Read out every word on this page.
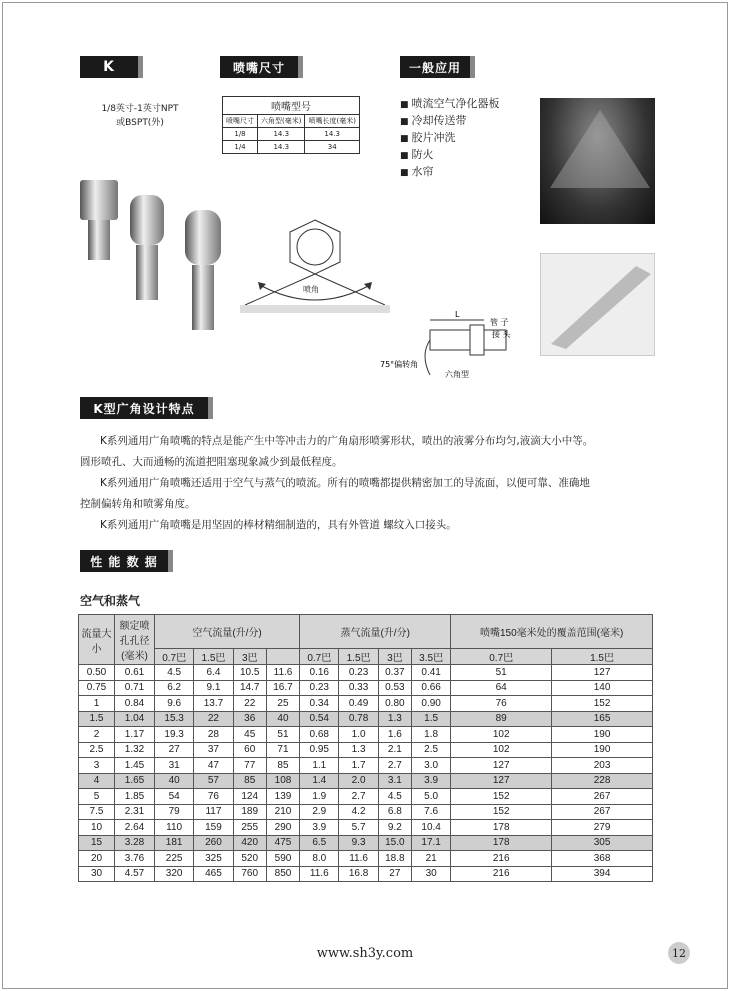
K	喷嘴尺寸	一般应用
1/8英寸-1英寸NPT
或BSPT(外)
喷嘴型号		
喷嘴尺寸	六角型(毫米)	喷嘴长度(毫米)
1/8	14.3	14.3
1/4	14.3	34
喷角
■ 喷流空气净化器板
■ 冷却传送带
■ 胶片冲洗
■ 防火
■ 水帘
L
管 子
接 头
75°偏转角
六角型
K型广角设计特点
K系列通用广角喷嘴的特点是能产生中等冲击力的广角扇形喷雾形状，喷出的液雾分布均匀,液滴大小中等。
圆形喷孔、大而通畅的流道把阻塞现象减少到最低程度。
K系列通用广角喷嘴还适用于空气与蒸气的喷流。所有的喷嘴都提供精密加工的导流面，以便可靠、准确地
控制偏转角和喷雾角度。
K系列通用广角喷嘴是用坚固的棒材精细制造的，具有外管道 螺纹入口接头。
性 能 数 据
空气和蒸气
流量大小	额定喷孔孔径(毫米)	空气流量(升/分)				蒸气流量(升/分)				喷嘴150毫米处的覆盖范围(毫米)	
		0.7巴	1.5巴	3巴		0.7巴	1.5巴	3巴	3.5巴	0.7巴	1.5巴
0.50	0.61	4.5	6.4	10.5	11.6	0.16	0.23	0.37	0.41	51	127
0.75	0.71	6.2	9.1	14.7	16.7	0.23	0.33	0.53	0.66	64	140
1	0.84	9.6	13.7	22	25	0.34	0.49	0.80	0.90	76	152
1.5	1.04	15.3	22	36	40	0.54	0.78	1.3	1.5	89	165
2	1.17	19.3	28	45	51	0.68	1.0	1.6	1.8	102	190
2.5	1.32	27	37	60	71	0.95	1.3	2.1	2.5	102	190
3	1.45	31	47	77	85	1.1	1.7	2.7	3.0	127	203
4	1.65	40	57	85	108	1.4	2.0	3.1	3.9	127	228
5	1.85	54	76	124	139	1.9	2.7	4.5	5.0	152	267
7.5	2.31	79	117	189	210	2.9	4.2	6.8	7.6	152	267
10	2.64	110	159	255	290	3.9	5.7	9.2	10.4	178	279
15	3.28	181	260	420	475	6.5	9.3	15.0	17.1	178	305
20	3.76	225	325	520	590	8.0	11.6	18.8	21	216	368
30	4.57	320	465	760	850	11.6	16.8	27	30	216	394
www.sh3y.com	12
